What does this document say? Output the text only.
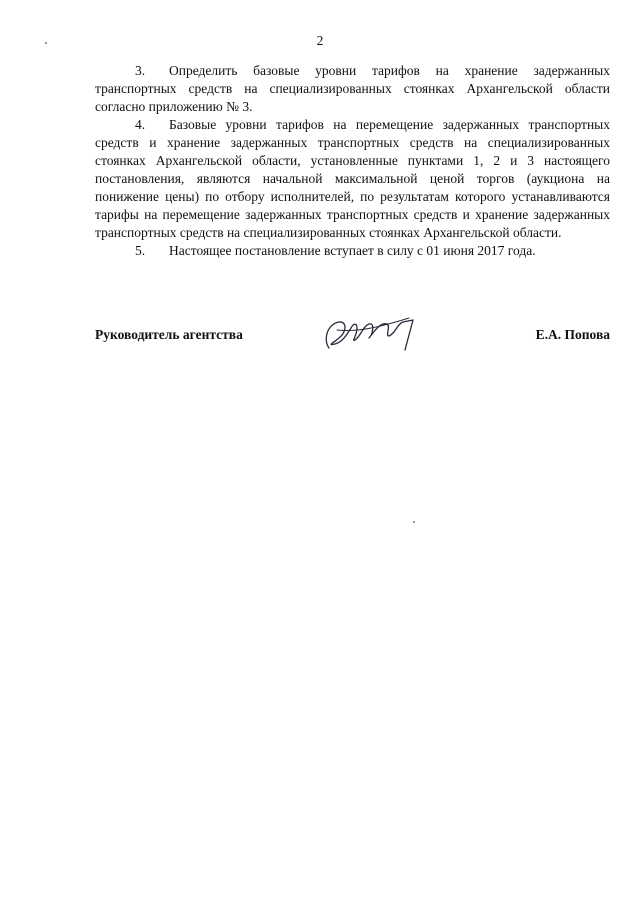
2

3. Определить базовые уровни тарифов на хранение задержанных транспортных средств на специализированных стоянках Архангельской области согласно приложению № 3.

4. Базовые уровни тарифов на перемещение задержанных транспортных средств и хранение задержанных транспортных средств на специализированных стоянках Архангельской области, установленные пунктами 1, 2 и 3 настоящего постановления, являются начальной максимальной ценой торгов (аукциона на понижение цены) по отбору исполнителей, по результатам которого устанавливаются тарифы на перемещение задержанных транспортных средств и хранение задержанных транспортных средств на специализированных стоянках Архангельской области.

5. Настоящее постановление вступает в силу с 01 июня 2017 года.

Руководитель агентства	Е.А. Попова
